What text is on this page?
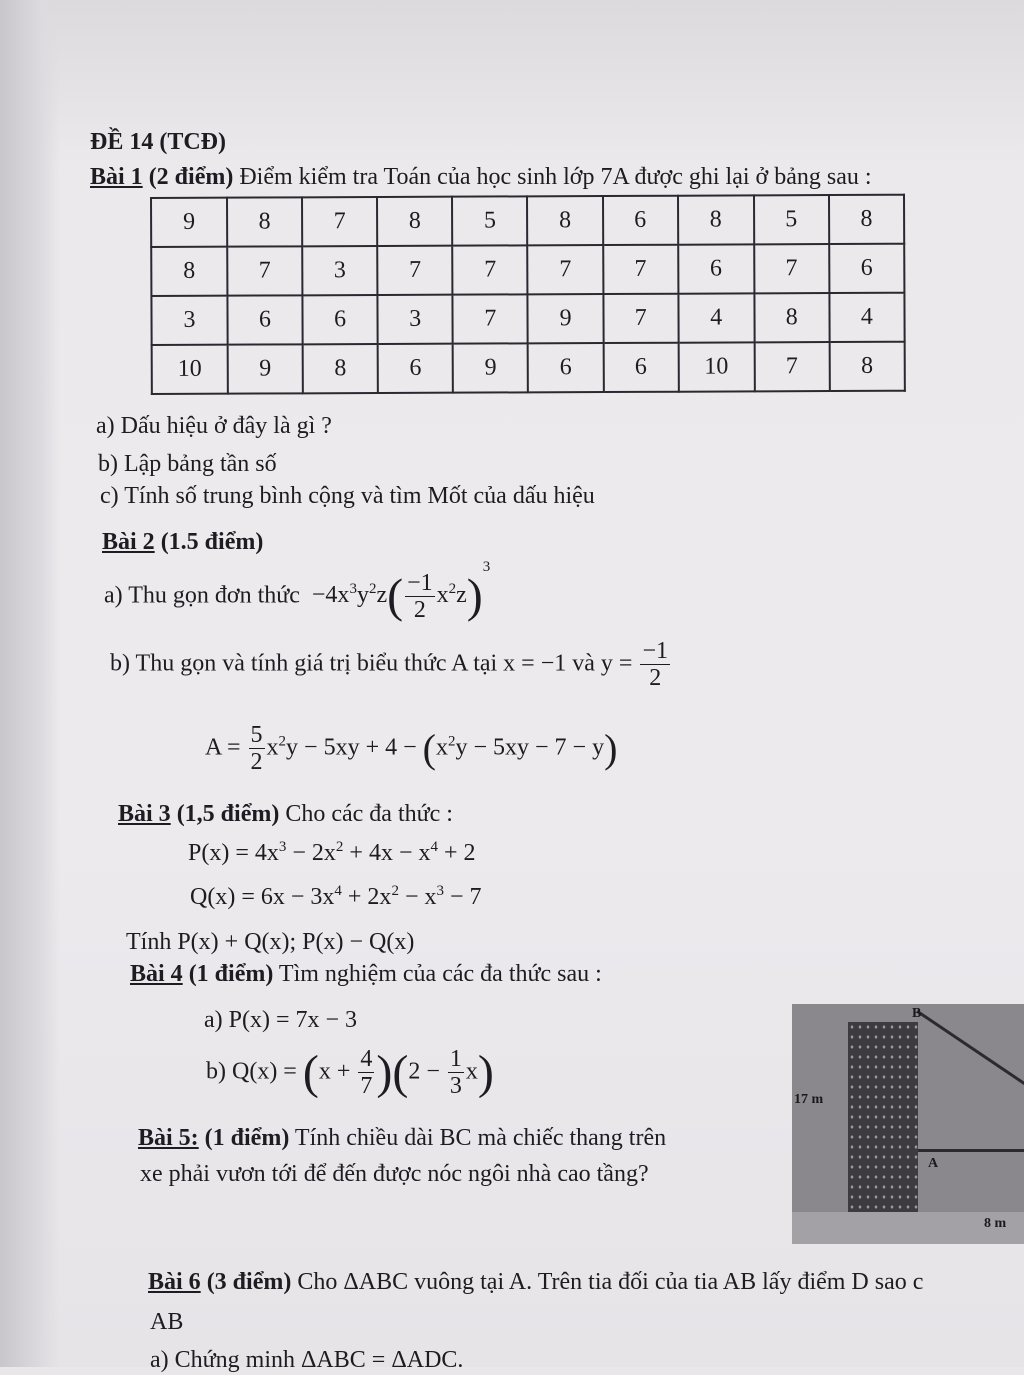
ĐỀ 14 (TCĐ)
Bài 1 (2 điểm) Điểm kiểm tra Toán của học sinh lớp 7A được ghi lại ở bảng sau :
9	8	7	8	5	8	6	8	5	8
8	7	3	7	7	7	7	6	7	6
3	6	6	3	7	9	7	4	8	4
10	9	8	6	9	6	6	10	7	8
a) Dấu hiệu ở đây là gì ?
b) Lập bảng tần số
c) Tính số trung bình cộng và tìm Mốt của dấu hiệu
Bài 2 (1.5 điểm)
a) Thu gọn đơn thức  $-4x^3y^2z( \frac{-1}{2} x^2z)^3$
b) Thu gọn và tính giá trị biểu thức A tại x = −1 và $y = \frac{-1}{2}$
$A = \frac{5}{2} x^2y - 5xy + 4 - (x^2y - 5xy - 7 - y)$
Bài 3 (1,5 điểm) Cho các đa thức :
$P(x) = 4x^3 - 2x^2 + 4x - x^4 + 2$
$Q(x) = 6x - 3x^4 + 2x^2 - x^3 - 7$
Tính P(x) + Q(x); P(x) − Q(x)
Bài 4 (1 điểm) Tìm nghiệm của các đa thức sau :
a) P(x) = 7x − 3
b) $Q(x) = (x + \frac{4}{7} )(2 - \frac{1}{3} x)$
Bài 5: (1 điểm) Tính chiều dài BC mà chiếc thang trên
xe phải vươn tới để đến được nóc ngôi nhà cao tầng?
B
A
17 m
8 m
Bài 6 (3 điểm) Cho ΔABC vuông tại A. Trên tia đối của tia AB lấy điểm D sao c
AB
a) Chứng minh ΔABC = ΔADC.
